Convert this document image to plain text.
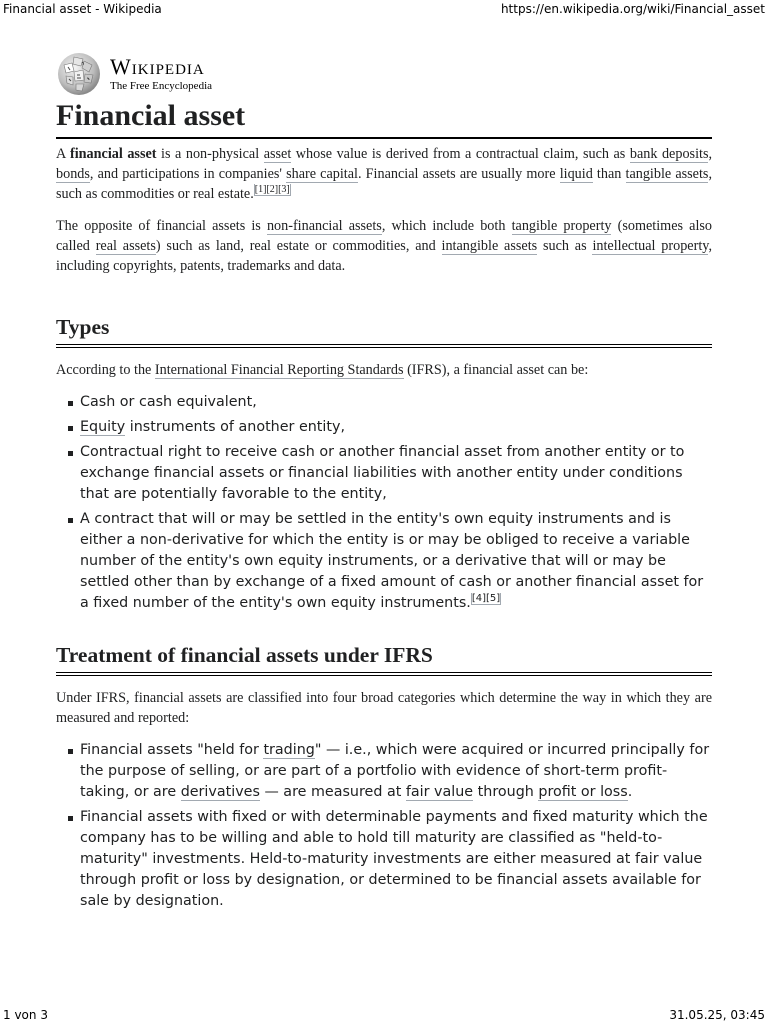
Financial asset - Wikipedia	https://en.wikipedia.org/wiki/Financial_asset
Wikipedia
The Free Encyclopedia
Financial asset

A financial asset is a non-physical asset whose value is derived from a contractual claim, such as bank deposits, bonds, and participations in companies' share capital. Financial assets are usually more liquid than tangible assets, such as commodities or real estate.[1][2][3]

The opposite of financial assets is non-financial assets, which include both tangible property (sometimes also called real assets) such as land, real estate or commodities, and intangible assets such as intellectual property, including copyrights, patents, trademarks and data.

Types

According to the International Financial Reporting Standards (IFRS), a financial asset can be:

Cash or cash equivalent,
Equity instruments of another entity,
Contractual right to receive cash or another financial asset from another entity or to exchange financial assets or financial liabilities with another entity under conditions that are potentially favorable to the entity,
A contract that will or may be settled in the entity's own equity instruments and is either a non-derivative for which the entity is or may be obliged to receive a variable number of the entity's own equity instruments, or a derivative that will or may be settled other than by exchange of a fixed amount of cash or another financial asset for a fixed number of the entity's own equity instruments.[4][5]
Treatment of financial assets under IFRS

Under IFRS, financial assets are classified into four broad categories which determine the way in which they are measured and reported:

Financial assets "held for trading" — i.e., which were acquired or incurred principally for the purpose of selling, or are part of a portfolio with evidence of short-term profit-taking, or are derivatives — are measured at fair value through profit or loss.
Financial assets with fixed or with determinable payments and fixed maturity which the company has to be willing and able to hold till maturity are classified as "held-to-maturity" investments. Held-to-maturity investments are either measured at fair value through profit or loss by designation, or determined to be financial assets available for sale by designation.
1 von 3	31.05.25, 03:45
